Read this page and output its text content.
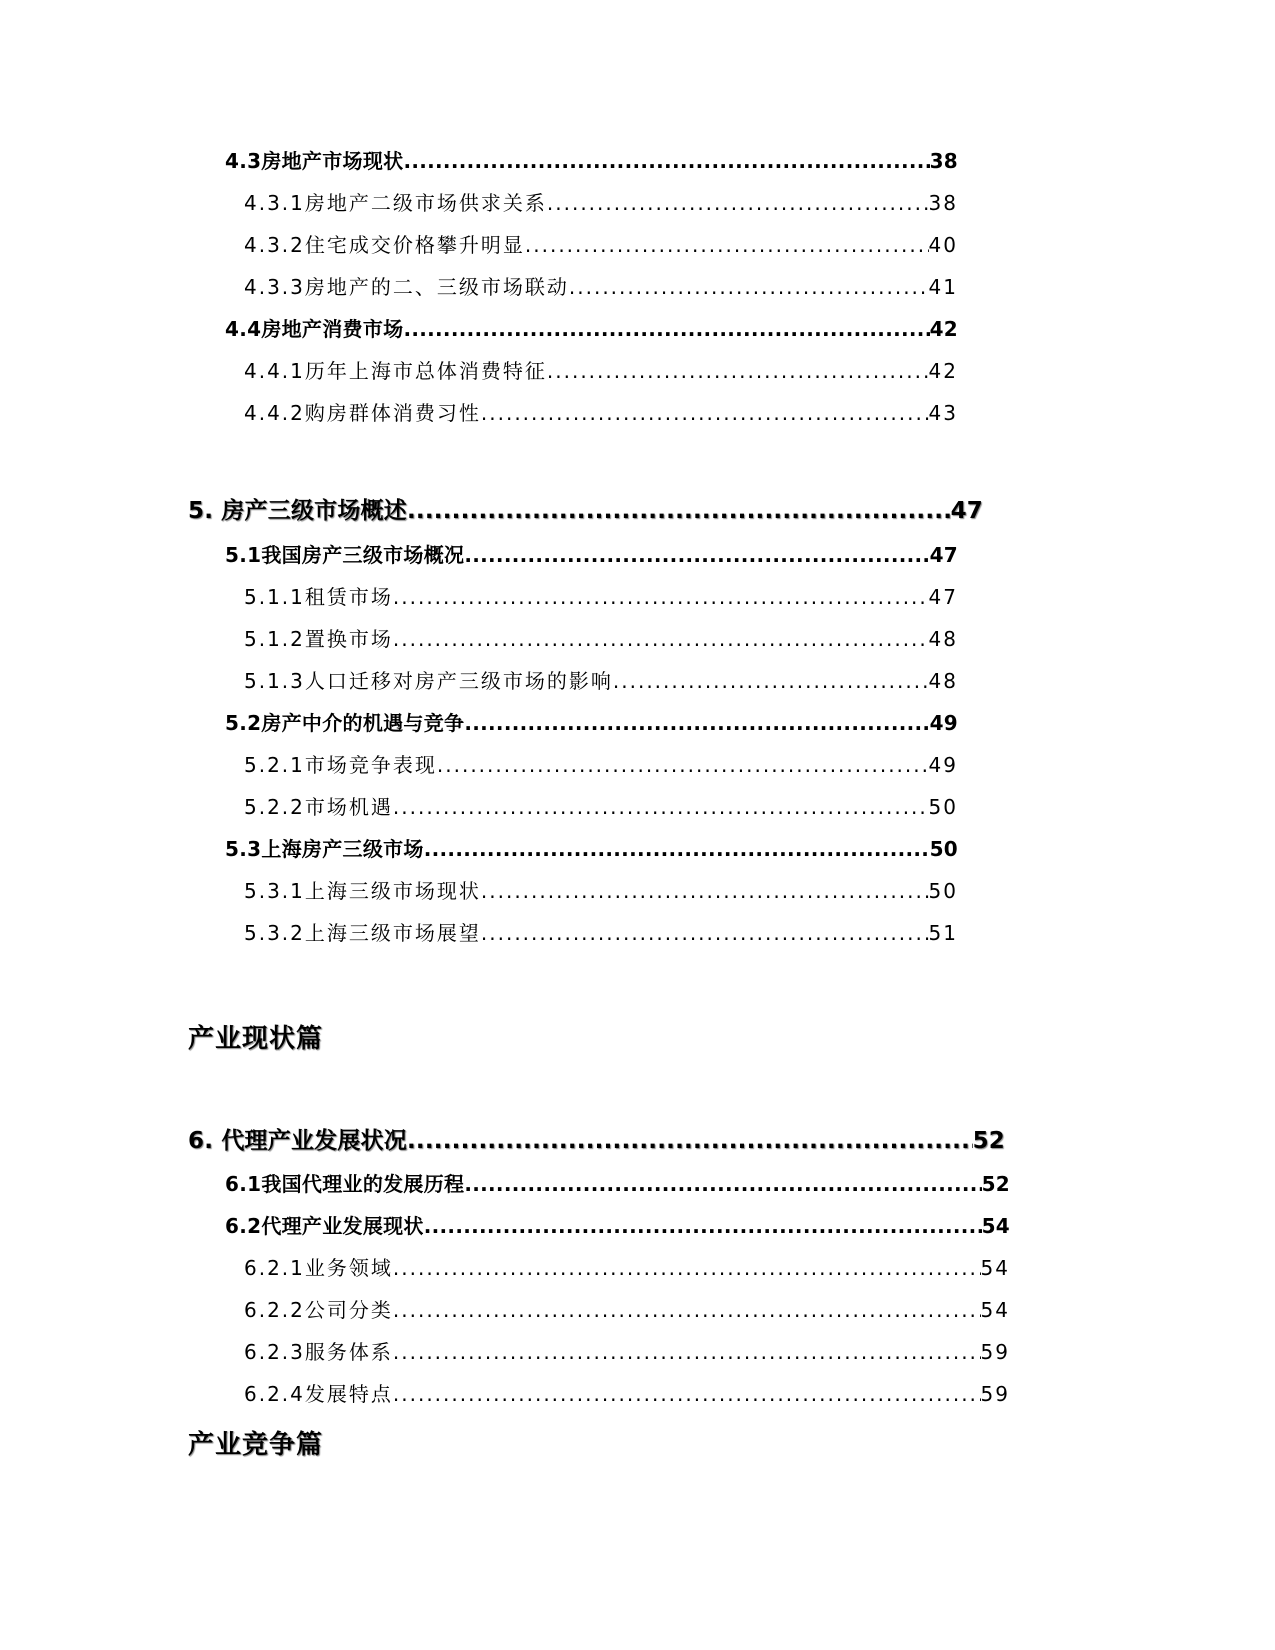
4.3房地产市场现状 .....	38
4.3.1房地产二级市场供求关系 .....	38
4.3.2住宅成交价格攀升明显 .....	40
4.3.3房地产的二、三级市场联动 .....	41
4.4房地产消费市场 .....	42
4.4.1历年上海市总体消费特征 .....	42
4.4.2购房群体消费习性 .....	43
5. 房产三级市场概述 .....	47
5.1我国房产三级市场概况 .....	47
5.1.1租赁市场 .....	47
5.1.2置换市场 .....	48
5.1.3人口迁移对房产三级市场的影响 .....	48
5.2房产中介的机遇与竞争 .....	49
5.2.1市场竞争表现 .....	49
5.2.2市场机遇 .....	50
5.3上海房产三级市场 .....	50
5.3.1上海三级市场现状 .....	50
5.3.2上海三级市场展望 .....	51
产业现状篇
6. 代理产业发展状况 .....	52
6.1我国代理业的发展历程 .....	52
6.2代理产业发展现状 .....	54
6.2.1业务领域 .....	54
6.2.2公司分类 .....	54
6.2.3服务体系 .....	59
6.2.4发展特点 .....	59
产业竞争篇
